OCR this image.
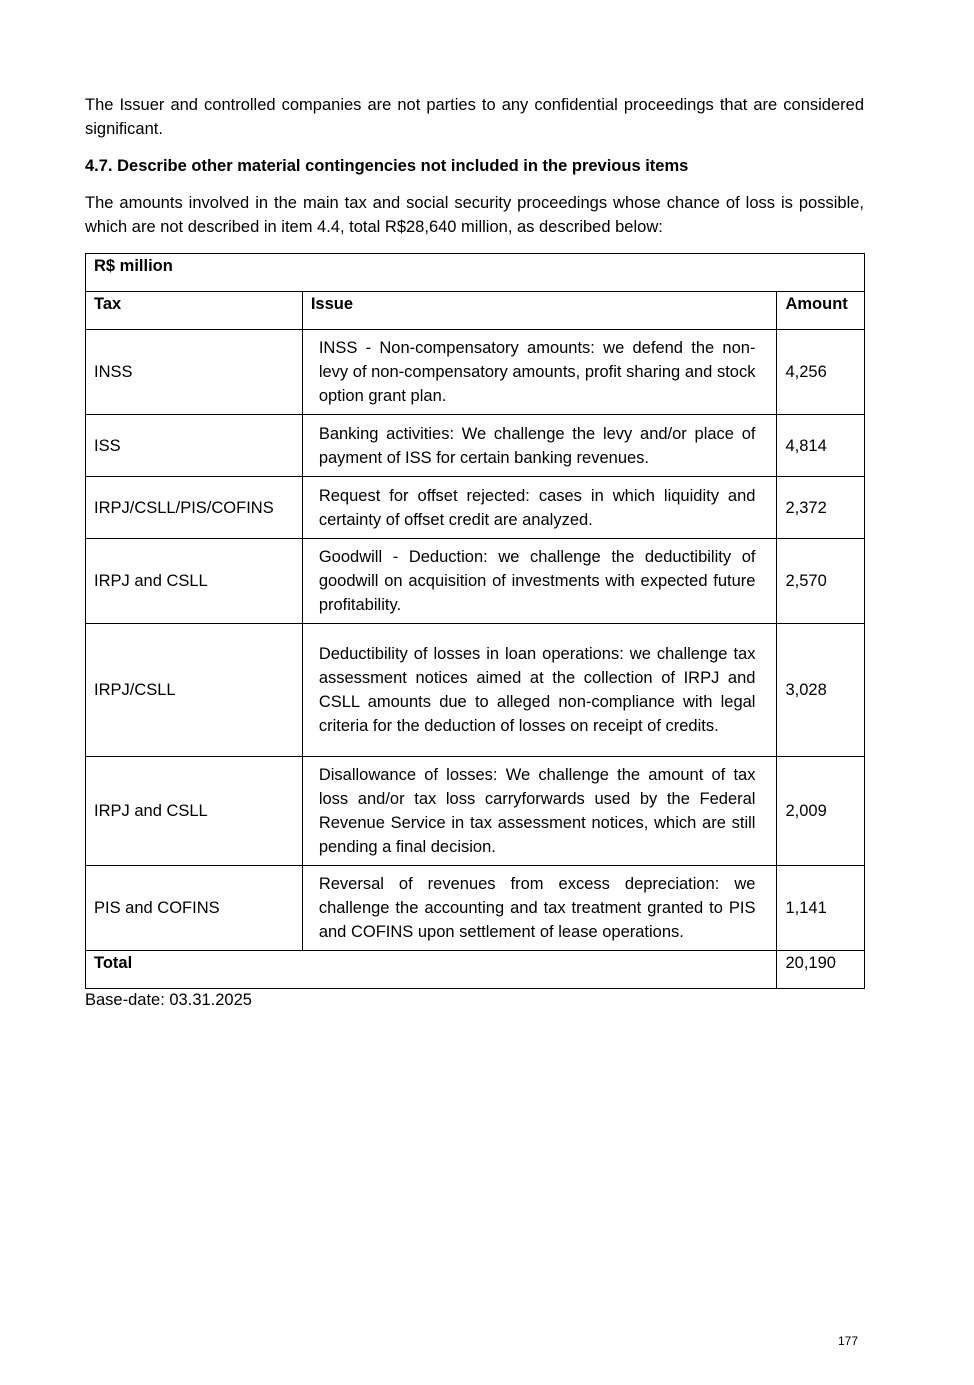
The Issuer and controlled companies are not parties to any confidential proceedings that are considered significant.

4.7. Describe other material contingencies not included in the previous items

The amounts involved in the main tax and social security proceedings whose chance of loss is possible, which are not described in item 4.4, total R$28,640 million, as described below:

R$ million		
Tax	Issue	Amount
INSS	INSS - Non-compensatory amounts: we defend the non-levy of non-compensatory amounts, profit sharing and stock option grant plan.	4,256
ISS	Banking activities: We challenge the levy and/or place of payment of ISS for certain banking revenues.	4,814
IRPJ/CSLL/PIS/COFINS	Request for offset rejected: cases in which liquidity and certainty of offset credit are analyzed.	2,372
IRPJ and CSLL	Goodwill - Deduction: we challenge the deductibility of goodwill on acquisition of investments with expected future profitability.	2,570
IRPJ/CSLL	Deductibility of losses in loan operations: we challenge tax assessment notices aimed at the collection of IRPJ and CSLL amounts due to alleged non-compliance with legal criteria for the deduction of losses on receipt of credits.	3,028
IRPJ and CSLL	Disallowance of losses: We challenge the amount of tax loss and/or tax loss carryforwards used by the Federal Revenue Service in tax assessment notices, which are still pending a final decision.	2,009
PIS and COFINS	Reversal of revenues from excess depreciation: we challenge the accounting and tax treatment granted to PIS and COFINS upon settlement of lease operations.	1,141
Total		20,190

Base-date: 03.31.2025

177
